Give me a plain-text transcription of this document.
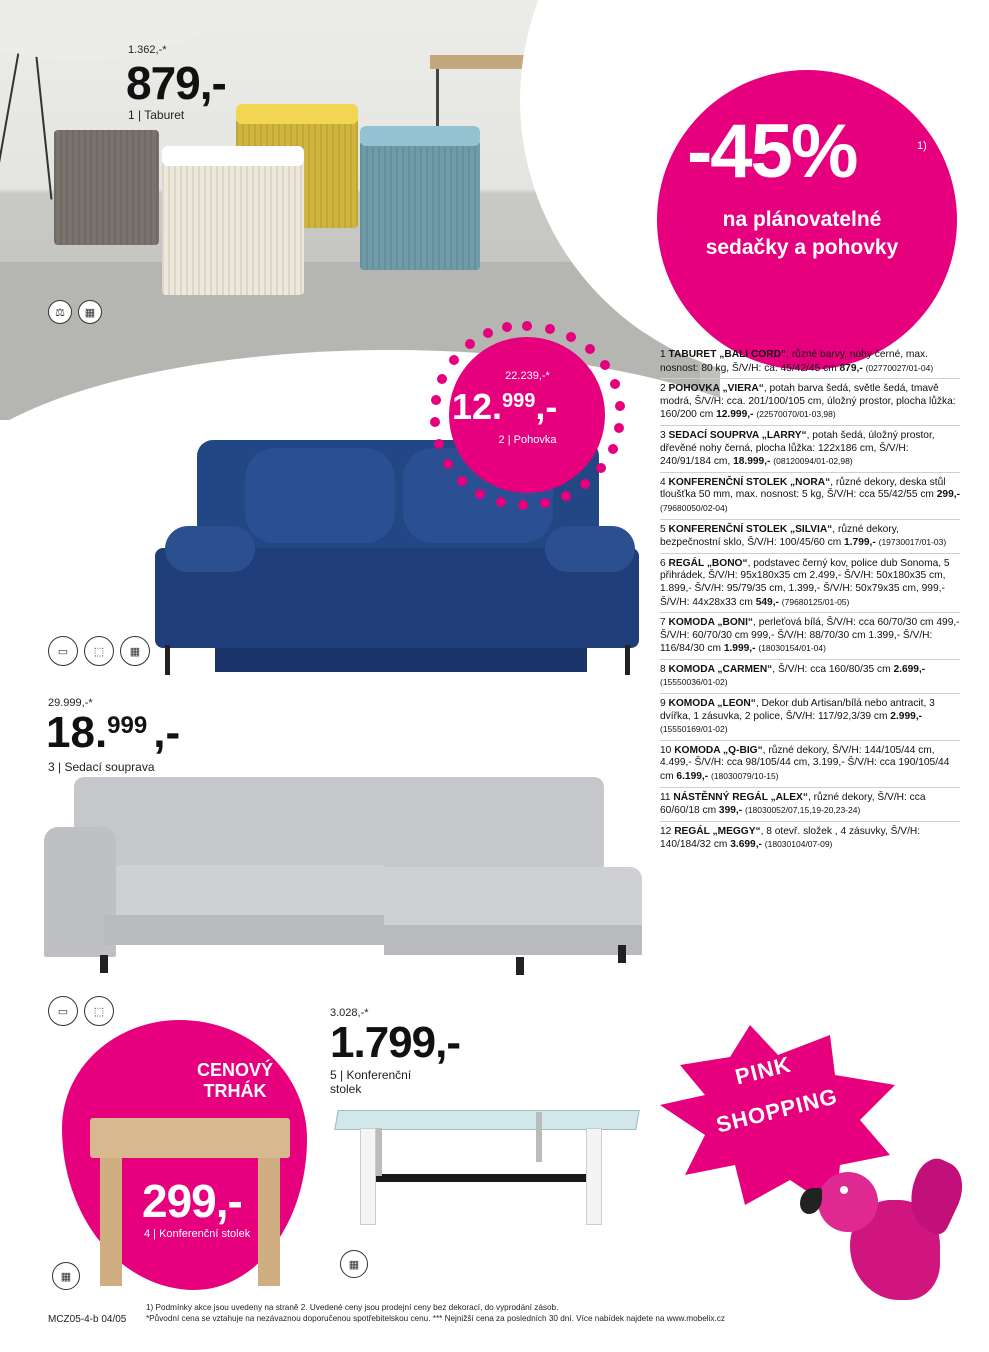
1.362,-*
879,-
1 | Taburet
⚖	▦
-45%	1)
na plánovatelné
sedačky a pohovky
22.239,-*
12. 999 ,-
2 | Pohovka
▭	⬚	▦
29.999,-*
18. 999 ,-
3 | Sedací souprava
▭	⬚
CENOVÝ
TRHÁK
299,-
4 | Konferenční stolek
▦
3.028,-*
1.799,-
5 | Konferenční
stolek
▦
1 TABURET „BALI CORD“, různé barvy, nohy černé, max. nosnost: 80 kg, Š/V/H: ca. 45/42/45 cm 879,- (02770027/01-04)
2 POHOVKA „VIERA“, potah barva šedá, světle šedá, tmavě modrá, Š/V/H: cca. 201/100/105 cm, úložný prostor, plocha lůžka: 160/200 cm 12.999,- (22570070/01-03,98)
3 SEDACÍ SOUPRVA „LARRY“, potah šedá, úložný prostor, dřevěné nohy černá, plocha lůžka: 122x186 cm, Š/V/H: 240/91/184 cm, 18.999,- (08120094/01-02,98)
4 KONFERENČNÍ STOLEK „NORA“, různé dekory, deska stůl tloušťka 50 mm, max. nosnost: 5 kg, Š/V/H: cca 55/42/55 cm 299,- (79680050/02-04)
5 KONFERENČNÍ STOLEK „SILVIA“, různé dekory, bezpečnostní sklo, Š/V/H: 100/45/60 cm 1.799,- (19730017/01-03)
6 REGÁL „BONO“, podstavec černý kov, police dub Sonoma, 5 přihrádek, Š/V/H: 95x180x35 cm 2.499,- Š/V/H: 50x180x35 cm, 1.899,- Š/V/H: 95/79/35 cm, 1.399,- Š/V/H: 50x79x35 cm, 999,- Š/V/H: 44x28x33 cm 549,- (79680125/01-05)
7 KOMODA „BONI“, perleťová bílá, Š/V/H: cca 60/70/30 cm 499,- Š/V/H: 60/70/30 cm 999,- Š/V/H: 88/70/30 cm 1.399,- Š/V/H: 116/84/30 cm 1.999,- (18030154/01-04)
8 KOMODA „CARMEN“, Š/V/H: cca 160/80/35 cm 2.699,- (15550036/01-02)
9 KOMODA „LEON“, Dekor dub Artisan/bílá nebo antracit, 3 dvířka, 1 zásuvka, 2 police, Š/V/H: 117/92,3/39 cm 2.999,- (15550169/01-02)
10 KOMODA „Q-BIG“, různé dekory, Š/V/H: 144/105/44 cm, 4.499,- Š/V/H: cca 98/105/44 cm, 3.199,- Š/V/H: cca 190/105/44 cm 6.199,- (18030079/10-15)
11 NÁSTĚNNÝ REGÁL „ALEX“, různé dekory, Š/V/H: cca 60/60/18 cm 399,- (18030052/07,15,19-20,23-24)
12 REGÁL „MEGGY“, 8 otevř. složek , 4 zásuvky, Š/V/H: 140/184/32 cm 3.699,- (18030104/07-09)
PINK
SHOPPING
MCZ05-4-b 04/05
1) Podmínky akce jsou uvedeny na straně 2. Uvedené ceny jsou prodejní ceny bez dekorací, do vyprodání zásob.
*Původní cena se vztahuje na nezávaznou doporučenou spotřebitelskou cenu. *** Nejnižší cena za posledních 30 dní. Více nabídek najdete na www.mobelix.cz
